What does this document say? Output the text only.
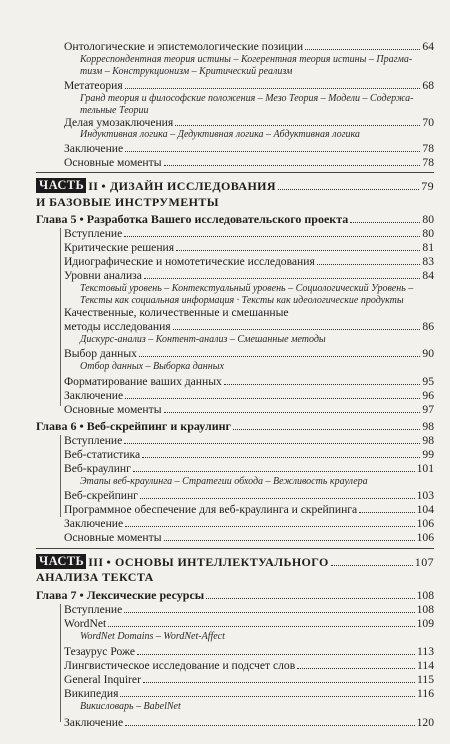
Онтологические и эпистемологические позиции	64
Корреспондентная теория истины – Когерентная теория истины – Прагма-
тизм – Конструкционизм – Критический реализм
Метатеория	68
Гранд теория и философские положения – Мезо Теория – Модели – Содержа-
тельные Теории
Делая умозаключения	70
Индуктивная логика – Дедуктивная логика – Абдуктивная логика
Заключение	78
Основные моменты	78
ЧАСТЬ II • ДИЗАЙН ИССЛЕДОВАНИЯ	79
И БАЗОВЫЕ ИНСТРУМЕНТЫ
Глава 5 • Разработка Вашего исследовательского проекта	80
Вступление	80
Критические решения	81
Идиографические и номотетические исследования	83
Уровни анализа	84
Текстовый уровень – Контекстуальный уровень – Социологический Уровень –
Тексты как социальная информация · Тексты как идеологические продукты
Качественные, количественные и смешанные
методы исследования	86
Дискурс-анализ – Контент-анализ – Смешанные методы
Выбор данных	90
Отбор данных – Выборка данных
Форматирование ваших данных	95
Заключение	96
Основные моменты	97
Глава 6 • Веб-скрейпинг и краулинг	98
Вступление	98
Веб-статистика	99
Веб-краулинг	101
Этапы веб-краулинга – Стратегии обхода – Вежливость краулера
Веб-скрейпинг	103
Программное обеспечение для веб-краулинга и скрейпинга	104
Заключение	106
Основные моменты	106
ЧАСТЬ III • ОСНОВЫ ИНТЕЛЛЕКТУАЛЬНОГО	107
АНАЛИЗА ТЕКСТА
Глава 7 • Лексические ресурсы	108
Вступление	108
WordNet	109
WordNet Domains – WordNet-Affect
Тезаурус Роже	113
Лингвистическое исследование и подсчет слов	114
General Inquirer	115
Википедия	116
Викисловарь – BabelNet
Заключение	120
